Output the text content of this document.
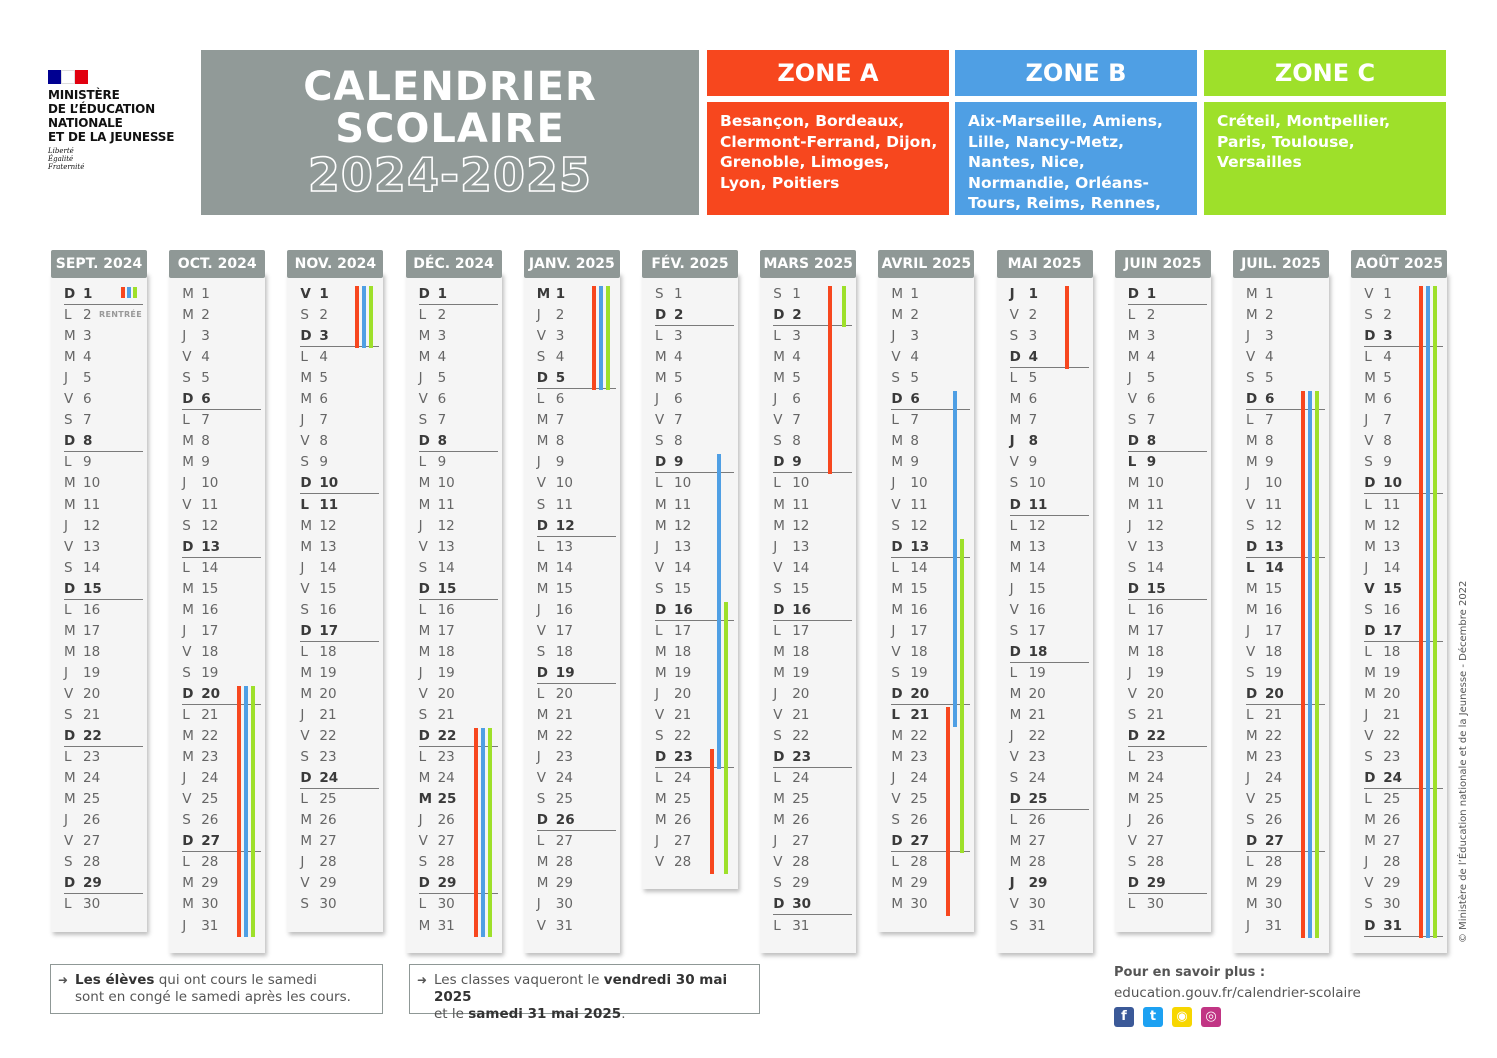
MINISTÈRE
DE L’ÉDUCATION
NATIONALE
ET DE LA JEUNESSE
Liberté
Égalité
Fraternité
CALENDRIER
SCOLAIRE
2024-2025
ZONE A
Besançon, Bordeaux, Clermont-Ferrand, Dijon, Grenoble, Limoges, Lyon, Poitiers
ZONE B
Aix-Marseille, Amiens, Lille, Nancy-Metz, Nantes, Nice, Normandie, Orléans-Tours, Reims, Rennes, Strasbourg
ZONE C
Créteil, Montpellier, Paris, Toulouse, Versailles
SEPT. 2024
D 1
L 2 RENTRÉE
M 3
M 4
J	5
V 6
S 7
D 8
L 9
M 10
M 11
J	12
V 13
S 14
D 15
L 16
M 17
M 18
J	19
V 20
S 21
D 22
L 23
M 24
M 25
J	26
V 27
S 28
D 29
L 30
OCT. 2024
M 1
M 2
J	3
V 4
S 5
D 6
L 7
M 8
M 9
J	10
V 11
S 12
D 13
L 14
M 15
M 16
J	17
V 18
S 19
D 20
L 21
M 22
M 23
J	24
V 25
S 26
D 27
L 28
M 29
M 30
J	31
NOV. 2024
V 1
S 2
D 3
L 4
M 5
M 6
J	7
V 8
S 9
D 10
L 11
M 12
M 13
J	14
V 15
S 16
D 17
L 18
M 19
M 20
J	21
V 22
S 23
D 24
L 25
M 26
M 27
J	28
V 29
S 30
DÉC. 2024
D 1
L 2
M 3
M 4
J	5
V 6
S 7
D 8
L 9
M 10
M 11
J	12
V 13
S 14
D 15
L 16
M 17
M 18
J	19
V 20
S 21
D 22
L 23
M 24
M 25
J	26
V 27
S 28
D 29
L 30
M 31
JANV. 2025
M 1
J	2
V 3
S 4
D 5
L 6
M 7
M 8
J	9
V 10
S 11
D 12
L 13
M 14
M 15
J	16
V 17
S 18
D 19
L 20
M 21
M 22
J	23
V 24
S 25
D 26
L 27
M 28
M 29
J	30
V 31
FÉV. 2025
S 1
D 2
L 3
M 4
M 5
J	6
V 7
S 8
D 9
L 10
M 11
M 12
J	13
V 14
S 15
D 16
L 17
M 18
M 19
J	20
V 21
S 22
D 23
L 24
M 25
M 26
J	27
V 28
MARS 2025
S 1
D 2
L 3
M 4
M 5
J	6
V 7
S 8
D 9
L 10
M 11
M 12
J	13
V 14
S 15
D 16
L 17
M 18
M 19
J	20
V 21
S 22
D 23
L 24
M 25
M 26
J	27
V 28
S 29
D 30
L 31
AVRIL 2025
M 1
M 2
J	3
V 4
S 5
D 6
L 7
M 8
M 9
J	10
V 11
S 12
D 13
L 14
M 15
M 16
J	17
V 18
S 19
D 20
L 21
M 22
M 23
J	24
V 25
S 26
D 27
L 28
M 29
M 30
MAI 2025
J	1
V 2
S 3
D 4
L 5
M 6
M 7
J	8
V 9
S 10
D 11
L 12
M 13
M 14
J	15
V 16
S 17
D 18
L 19
M 20
M 21
J	22
V 23
S 24
D 25
L 26
M 27
M 28
J	29
V 30
S 31
JUIN 2025
D 1
L 2
M 3
M 4
J	5
V 6
S 7
D 8
L 9
M 10
M 11
J	12
V 13
S 14
D 15
L 16
M 17
M 18
J	19
V 20
S 21
D 22
L 23
M 24
M 25
J	26
V 27
S 28
D 29
L 30
JUIL. 2025
M 1
M 2
J	3
V 4
S 5
D 6
L 7
M 8
M 9
J	10
V 11
S 12
D 13
L 14
M 15
M 16
J	17
V 18
S 19
D 20
L 21
M 22
M 23
J	24
V 25
S 26
D 27
L 28
M 29
M 30
J	31
AOÛT 2025
V 1
S 2
D 3
L 4
M 5
M 6
J	7
V 8
S 9
D 10
L 11
M 12
M 13
J	14
V 15
S 16
D 17
L 18
M 19
M 20
J	21
V 22
S 23
D 24
L 25
M 26
M 27
J	28
V 29
S 30
D 31
➜ Les élèves qui ont cours le samedi
sont en congé le samedi après les cours.
➜ Les classes vaqueront le vendredi 30 mai 2025
et le samedi 31 mai 2025.
Pour en savoir plus :
education.gouv.fr/calendrier-scolaire
f	t	◉	◎
© Ministère de l’Éducation nationale et de la Jeunesse - Décembre 2022
